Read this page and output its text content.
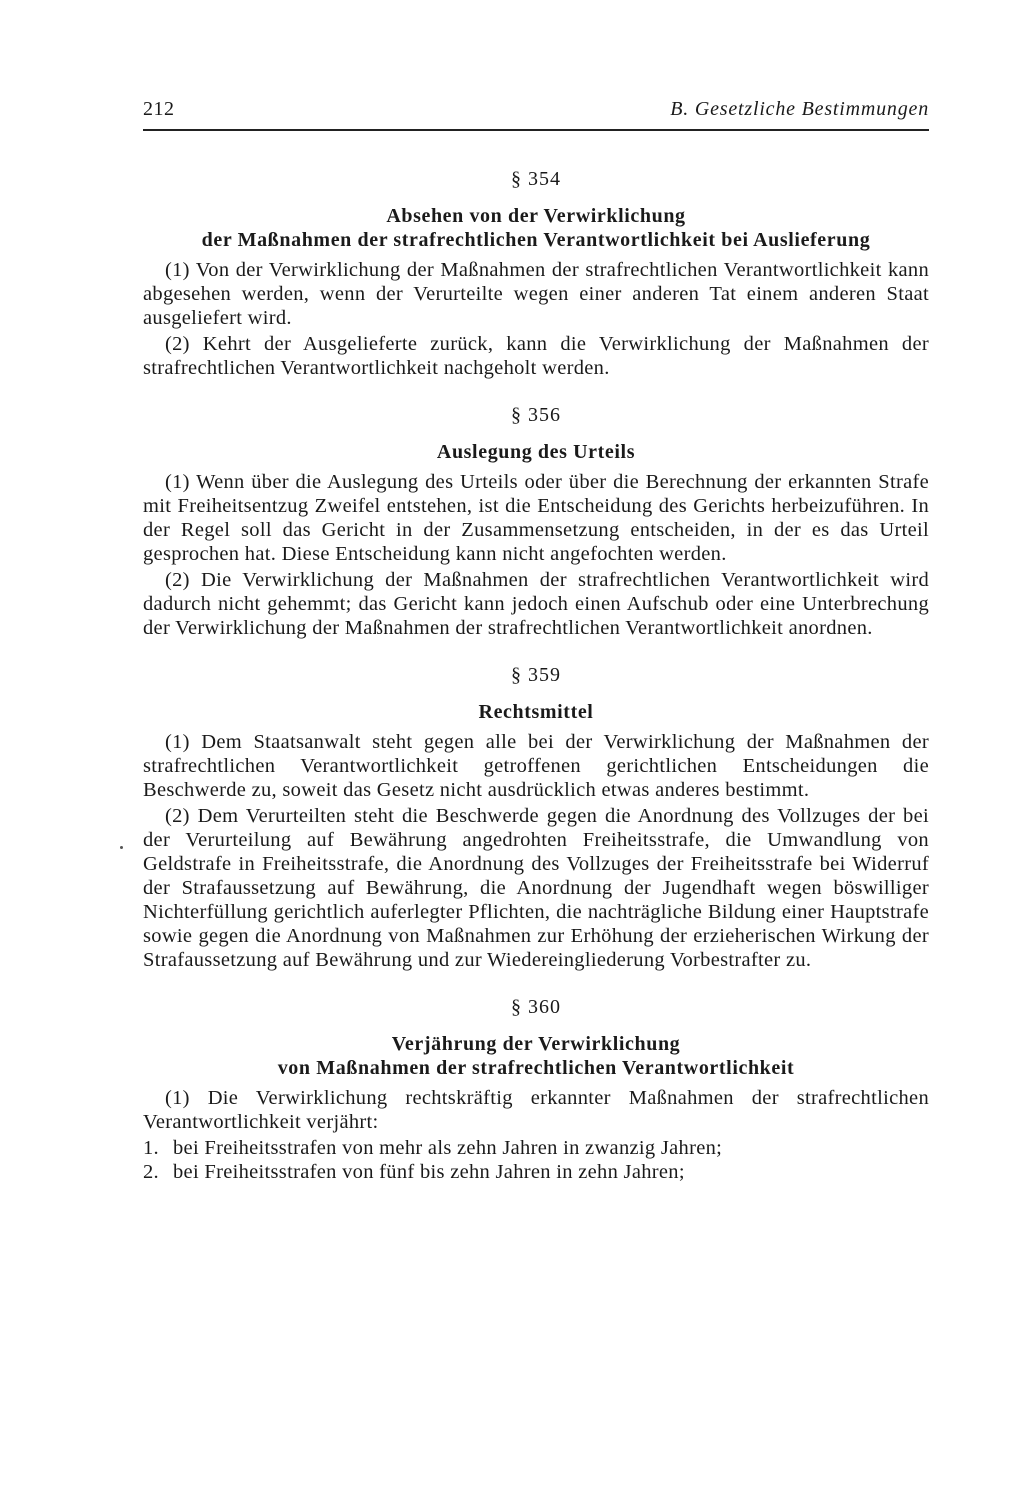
212	B. Gesetzliche Bestimmungen
§ 354
Absehen von der Verwirklichung
der Maßnahmen der strafrechtlichen Verantwortlichkeit bei Auslieferung

(1) Von der Verwirklichung der Maßnahmen der strafrechtlichen Verantwortlichkeit kann abgesehen werden, wenn der Verurteilte wegen einer anderen Tat einem anderen Staat ausgeliefert wird.

(2) Kehrt der Ausgelieferte zurück, kann die Verwirklichung der Maßnahmen der strafrechtlichen Verantwortlichkeit nachgeholt werden.

§ 356
Auslegung des Urteils

(1) Wenn über die Auslegung des Urteils oder über die Berechnung der erkannten Strafe mit Freiheitsentzug Zweifel entstehen, ist die Entscheidung des Gerichts herbeizuführen. In der Regel soll das Gericht in der Zusammensetzung entscheiden, in der es das Urteil gesprochen hat. Diese Entscheidung kann nicht angefochten werden.

(2) Die Verwirklichung der Maßnahmen der strafrechtlichen Verantwortlichkeit wird dadurch nicht gehemmt; das Gericht kann jedoch einen Aufschub oder eine Unterbrechung der Verwirklichung der Maßnahmen der strafrechtlichen Verantwortlichkeit anordnen.

§ 359
Rechtsmittel

(1) Dem Staatsanwalt steht gegen alle bei der Verwirklichung der Maßnahmen der strafrechtlichen Verantwortlichkeit getroffenen gerichtlichen Entscheidungen die Beschwerde zu, soweit das Gesetz nicht ausdrücklich etwas anderes bestimmt.

(2) Dem Verurteilten steht die Beschwerde gegen die Anordnung des Vollzuges der bei der Verurteilung auf Bewährung angedrohten Freiheitsstrafe, die Umwandlung von Geldstrafe in Freiheitsstrafe, die Anordnung des Vollzuges der Freiheitsstrafe bei Widerruf der Strafaussetzung auf Bewährung, die Anordnung der Jugendhaft wegen böswilliger Nichterfüllung gerichtlich auferlegter Pflichten, die nachträgliche Bildung einer Hauptstrafe sowie gegen die Anordnung von Maßnahmen zur Erhöhung der erzieherischen Wirkung der Strafaussetzung auf Bewährung und zur Wiedereingliederung Vorbestrafter zu.

§ 360
Verjährung der Verwirklichung
von Maßnahmen der strafrechtlichen Verantwortlichkeit

(1) Die Verwirklichung rechtskräftig erkannter Maßnahmen der strafrechtlichen Verantwortlichkeit verjährt:

1. bei Freiheitsstrafen von mehr als zehn Jahren in zwanzig Jahren;
2. bei Freiheitsstrafen von fünf bis zehn Jahren in zehn Jahren;
